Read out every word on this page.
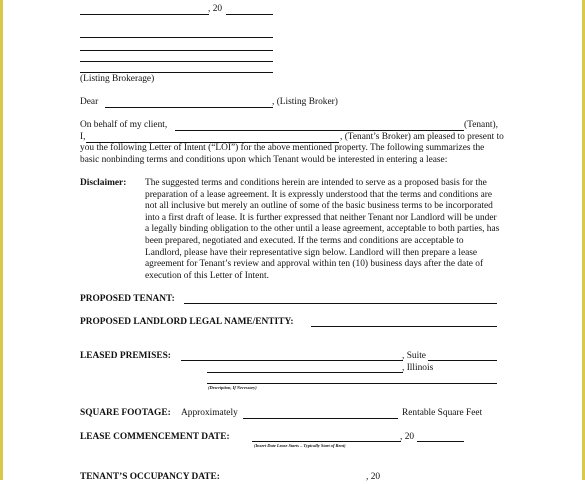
, 20
(Listing Brokerage)
Dear	, (Listing Broker)
On behalf of my client,	(Tenant),
I,	, (Tenant’s Broker) am pleased to present to
you the following Letter of Intent (“LOI”) for the above mentioned property. The following summarizes the
basic nonbinding terms and conditions upon which Tenant would be interested in entering a lease:
Disclaimer: The suggested terms and conditions herein are intended to serve as a proposed basis for the
preparation of a lease agreement. It is expressly understood that the terms and conditions are
not all inclusive but merely an outline of some of the basic business terms to be incorporated
into a first draft of lease. It is further expressed that neither Tenant nor Landlord will be under
a legally binding obligation to the other until a lease agreement, acceptable to both parties, has
been prepared, negotiated and executed. If the terms and conditions are acceptable to
Landlord, please have their representative sign below. Landlord will then prepare a lease
agreement for Tenant’s review and approval within ten (10) business days after the date of
execution of this Letter of Intent.
PROPOSED TENANT:
PROPOSED LANDLORD LEGAL NAME/ENTITY:
LEASED PREMISES:	, Suite
, Illinois
(Description, If Necessary)
SQUARE FOOTAGE: Approximately	Rentable Square Feet
LEASE COMMENCEMENT DATE:	, 20
(Insert Date Lease Starts – Typically Start of Rent)
TENANT’S OCCUPANCY DATE:	, 20
